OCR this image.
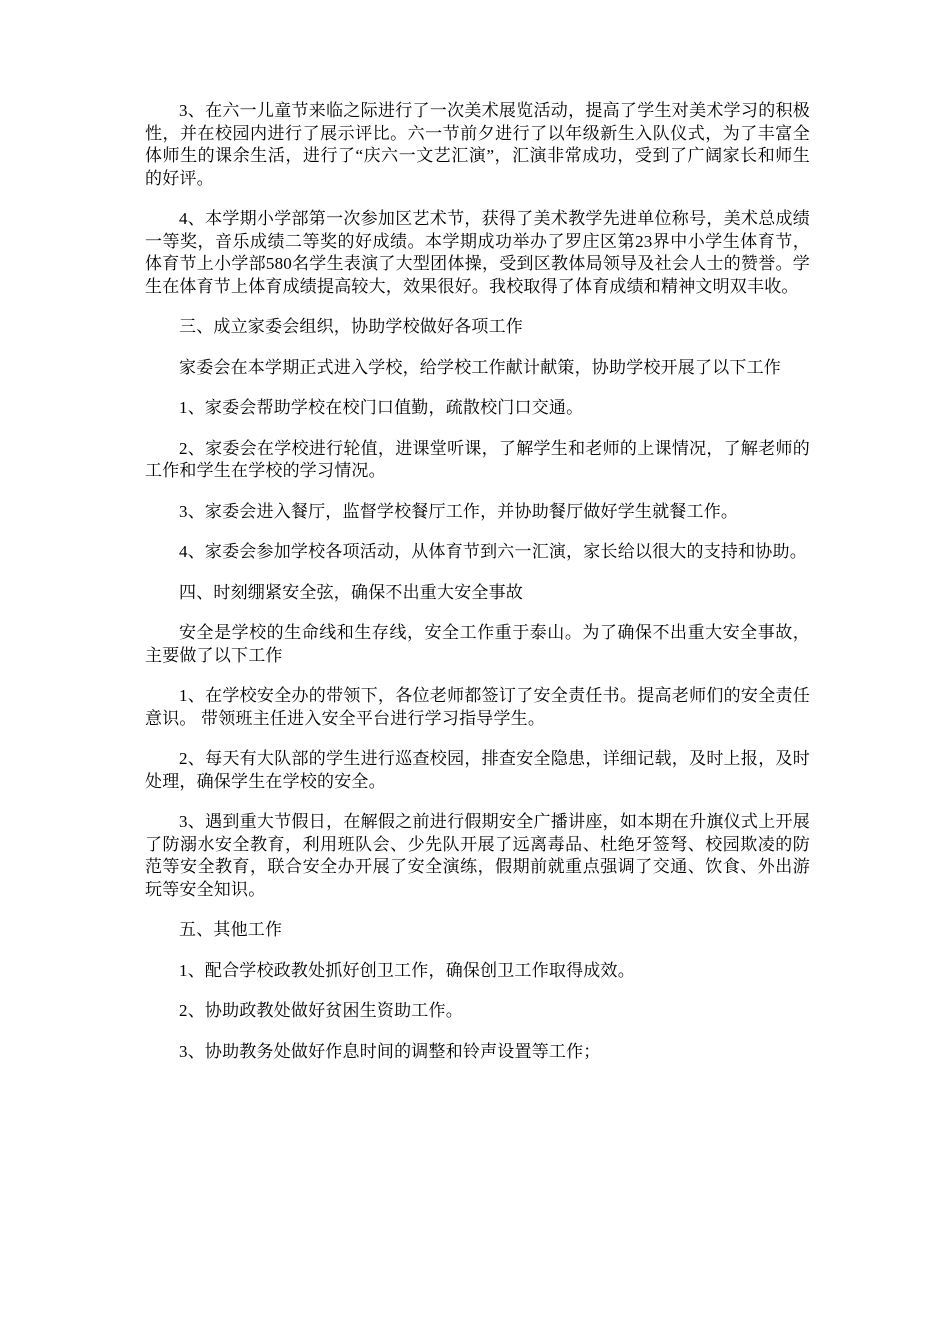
3、在六一儿童节来临之际进行了一次美术展览活动，提高了学生对美术学习的积极性，并在校园内进行了展示评比。六一节前夕进行了以年级新生入队仪式，为了丰富全体师生的课余生活，进行了“庆六一文艺汇演”，汇演非常成功，受到了广阔家长和师生的好评。

4、本学期小学部第一次参加区艺术节，获得了美术教学先进单位称号，美术总成绩一等奖，音乐成绩二等奖的好成绩。本学期成功举办了罗庄区第23界中小学生体育节，体育节上小学部580名学生表演了大型团体操，受到区教体局领导及社会人士的赞誉。学生在体育节上体育成绩提高较大，效果很好。我校取得了体育成绩和精神文明双丰收。

三、成立家委会组织，协助学校做好各项工作

家委会在本学期正式进入学校，给学校工作献计献策，协助学校开展了以下工作

1、家委会帮助学校在校门口值勤，疏散校门口交通。

2、家委会在学校进行轮值，进课堂听课，了解学生和老师的上课情况，了解老师的工作和学生在学校的学习情况。

3、家委会进入餐厅，监督学校餐厅工作，并协助餐厅做好学生就餐工作。

4、家委会参加学校各项活动，从体育节到六一汇演，家长给以很大的支持和协助。

四、时刻绷紧安全弦，确保不出重大安全事故

安全是学校的生命线和生存线，安全工作重于泰山。为了确保不出重大安全事故，主要做了以下工作

1、在学校安全办的带领下，各位老师都签订了安全责任书。提高老师们的安全责任意识。 带领班主任进入安全平台进行学习指导学生。

2、每天有大队部的学生进行巡查校园，排查安全隐患，详细记载，及时上报，及时处理，确保学生在学校的安全。

3、遇到重大节假日，在解假之前进行假期安全广播讲座，如本期在升旗仪式上开展了防溺水安全教育，利用班队会、少先队开展了远离毒品、杜绝牙签弩、校园欺凌的防范等安全教育，联合安全办开展了安全演练，假期前就重点强调了交通、饮食、外出游玩等安全知识。

五、其他工作

1、配合学校政教处抓好创卫工作，确保创卫工作取得成效。

2、协助政教处做好贫困生资助工作。

3、协助教务处做好作息时间的调整和铃声设置等工作；
